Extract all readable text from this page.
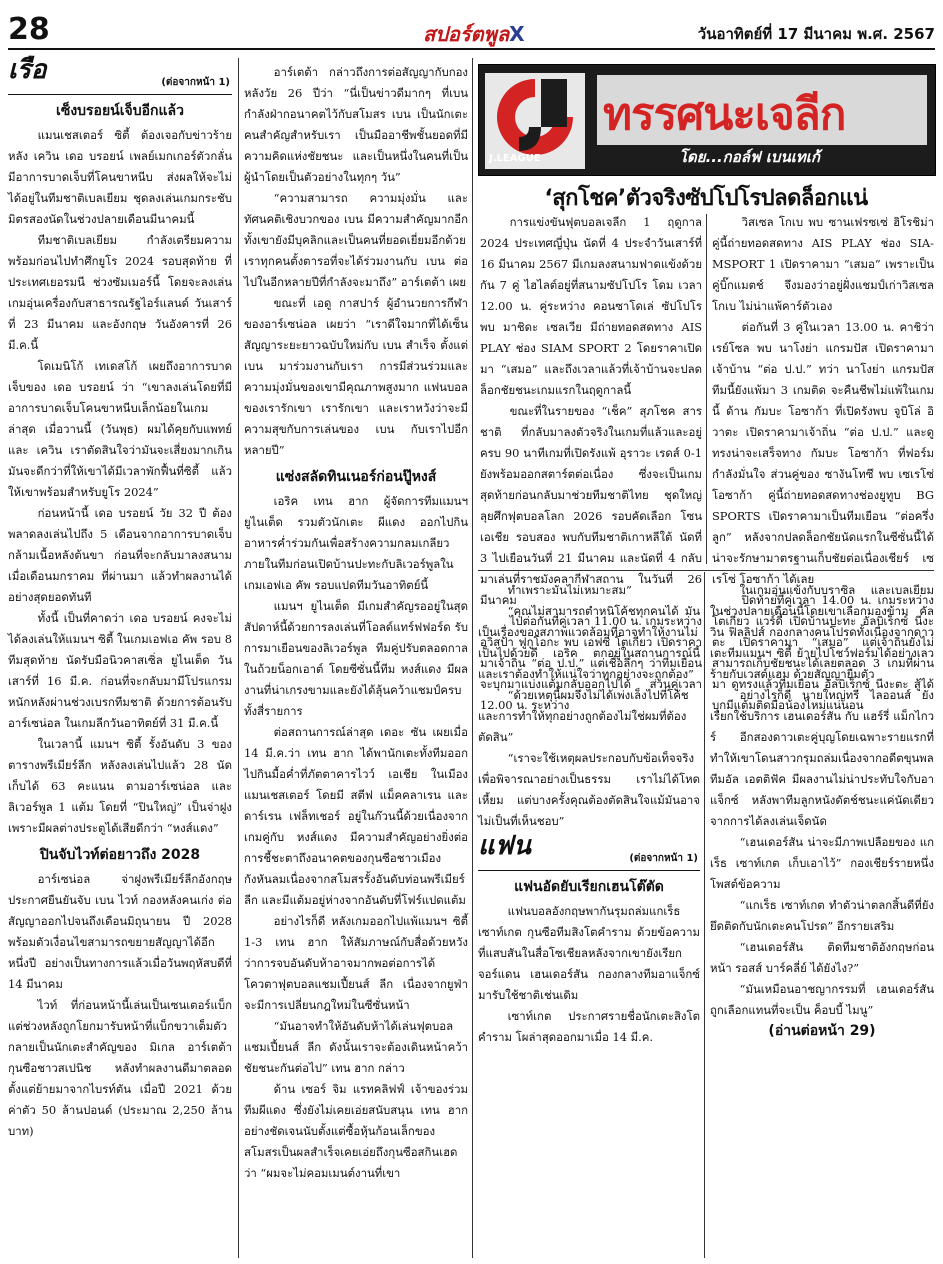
28	สปอร์ตพูลX	วันอาทิตย์ที่ 17 มีนาคม พ.ศ. 2567
เรือ	(ต่อจากหน้า 1)
เซ็งบรอยน์เจ็บอีกแล้ว

แมนเชสเตอร์ ซิตี้ ต้องเจอกับข่าวร้ายหลัง เควิน เดอ บรอยน์ เพลย์เมกเกอร์ตัวกลั่น มีอาการบาดเจ็บที่โคนขาหนีบ ส่งผลให้จะไม่ได้อยู่ในทีมชาติเบลเยียม ชุดลงเล่นเกมกระชับมิตรสองนัดในช่วงปลายเดือนมีนาคมนี้

ทีมชาติเบลเยียม กำลังเตรียมความพร้อมก่อนไปทำศึกยูโร 2024 รอบสุดท้าย ที่ประเทศเยอรมนี ช่วงซัมเมอร์นี้ โดยจะลงเล่นเกมอุ่นเครื่องกับสาธารณรัฐไอร์แลนด์ วันเสาร์ที่ 23 มีนาคม และอังกฤษ วันอังคารที่ 26 มี.ค.นี้

โดเมนิโก้ เทเดสโก้ เผยถึงอาการบาดเจ็บของ เดอ บรอยน์ ว่า “เขาลงเล่นโดยที่มีอาการบาดเจ็บโคนขาหนีบเล็กน้อยในเกมล่าสุด เมื่อวานนี้ (วันพุธ) ผมได้คุยกับแพทย์ และ เควิน เราตัดสินใจว่ามันจะเสี่ยงมากเกิน มันจะดีกว่าที่ให้เขาได้มีเวลาพักฟื้นที่ซิตี้ แล้วให้เขาพร้อมสำหรับยูโร 2024”

ก่อนหน้านี้ เดอ บรอยน์ วัย 32 ปี ต้องพลาดลงเล่นไปถึง 5 เดือนจากอาการบาดเจ็บกล้ามเนื้อหลังต้นขา ก่อนที่จะกลับมาลงสนามเมื่อเดือนมกราคม ที่ผ่านมา แล้วทำผลงานได้อย่างสุดยอดทันที

ทั้งนี้ เป็นที่คาดว่า เดอ บรอยน์ คงจะไม่ได้ลงเล่นให้แมนฯ ซิตี้ ในเกมเอฟเอ คัพ รอบ 8 ทีมสุดท้าย นัดรับมือนิวคาสเซิ่ล ยูไนเต็ด วันเสาร์ที่ 16 มี.ค. ก่อนที่จะกลับมามีโปรแกรมหนักหลังผ่านช่วงเบรกทีมชาติ ด้วยการต้อนรับอาร์เซน่อล ในเกมลีกวันอาทิตย์ที่ 31 มี.ค.นี้

ในเวลานี้ แมนฯ ซิตี้ รั้งอันดับ 3 ของตารางพรีเมียร์ลีก หลังลงเล่นไปแล้ว 28 นัด เก็บได้ 63 คะแนน ตามอาร์เซน่อล และลิเวอร์พูล 1 แต้ม โดยที่ “ปินใหญ่” เป็นจ่าฝูงเพราะมีผลต่างประตูได้เสียดีกว่า “หงส์แดง”

ปินจับไวท์ต่อยาวถึง 2028

อาร์เซน่อล จ่าฝูงพรีเมียร์ลีกอังกฤษ ประกาศยืนยันจับ เบน ไวท์ กองหลังคนเก่ง ต่อสัญญาออกไปจนถึงเดือนมิถุนายน ปี 2028 พร้อมตัวเงื่อนไขสามารถขยายสัญญาได้อีกหนึ่งปี อย่างเป็นทางการแล้วเมื่อวันพฤหัสบดีที่ 14 มีนาคม

ไวท์ ที่ก่อนหน้านี้เล่นเป็นเซนเตอร์แบ็กแต่ช่วงหลังถูกโยกมารับหน้าที่แบ็กขวาเต็มตัว กลายเป็นนักเตะสำคัญของ มิเกล อาร์เตต้า กุนซือชาวสเปนิช หลังทำผลงานดีมาตลอดตั้งแต่ย้ายมาจากไบรท์ตัน เมื่อปี 2021 ด้วยค่าตัว 50 ล้านปอนด์ (ประมาณ 2,250 ล้านบาท)

อาร์เตต้า กล่าวถึงการต่อสัญญากับกองหลังวัย 26 ปีว่า “นี่เป็นข่าวดีมากๆ ที่เบน กำลังฝ่ากอนาคตไว้กับสโมสร เบน เป็นนักเตะคนสำคัญสำหรับเรา เป็นมืออาชีพชั้นยอดที่มีความคิดแห่งชัยชนะ และเป็นหนึ่งในคนที่เป็นผู้นำโดยเป็นตัวอย่างในทุกๆ วัน”

“ความสามารถ ความมุ่งมั่น และทัศนคติเชิงบวกของ เบน มีความสำคัญมากอีกทั้งเขายังมีบุคลิกและเป็นคนที่ยอดเยี่ยมอีกด้วย เราทุกคนตั้งตารอที่จะได้ร่วมงานกับ เบน ต่อไปในอีกหลายปีที่กำลังจะมาถึง” อาร์เตต้า เผย

ขณะที่ เอดู กาสปาร์ ผู้อำนวยการกีฬาของอาร์เซน่อล เผยว่า “เราดีใจมากที่ได้เซ็นสัญญาระยะยาวฉบับใหม่กับ เบน สำเร็จ ตั้งแต่ เบน มาร่วมงานกับเรา การมีส่วนร่วมและความมุ่งมั่นของเขามีคุณภาพสูงมาก แฟนบอลของเรารักเขา เรารักเขา และเราหวังว่าจะมีความสุขกับการเล่นของ เบน กับเราไปอีกหลายปี”

แซ่งสลัดทินเนอร์ก่อนปู๊หงส์

เอริค เทน ฮาก ผู้จัดการทีมแมนฯ ยูไนเต็ด รวมตัวนักเตะ ผีแดง ออกไปกินอาหารค่ำร่วมกันเพื่อสร้างความกลมเกลียวภายในทีมก่อนเปิดบ้านปะทะกับลิเวอร์พูลในเกมเอฟเอ คัพ รอบแปดทีมวันอาทิตย์นี้

แมนฯ ยูไนเต็ด มีเกมสำคัญรออยู่ในสุดสัปดาห์นี้ด้วยการลงเล่นที่โอลด์แทร์ฟฟอร์ด รับการมาเยือนของลิเวอร์พูล ทีมคู่ปรับตลอดกาลในถ้วยน็อกเอาต์ โดยซีซั่นนี้ทีม หงส์แดง มีผลงานที่น่าเกรงขามและยังได้ลุ้นคว้าแชมป์ครบทั้งสี่รายการ

ต่อสถานการณ์ล่าสุด เดอะ ซัน เผยเมื่อ 14 มี.ค.ว่า เทน ฮาก ได้พานักเตะทั้งทีมออกไปกินมื้อค่ำที่ภัตตาคารไวว์ เอเชีย ในเมืองแมนเชสเตอร์ โดยมี สตีฟ แม็คคลาเรน และ ดาร์เรน เฟล็ทเชอร์ อยู่ในก๊วนนี้ด้วยเนื่องจากเกมคู่กับ หงส์แดง มีความสำคัญอย่างยิ่งต่อการชี้ชะตาถึงอนาคตของกุนซือชาวเมืองกังหันลมเนื่องจากสโมสรรั้งอันดับท่อนพรีเมียร์ลีก และมีแต้มอยู่ห่างจากอันดับที่โฟร์แปดแต้ม

อย่างไรก็ดี หลังเกมออกไปแพ้แมนฯ ซิตี้ 1-3 เทน ฮาก ให้สัมภาษณ์กับสื่อด้วยหวังว่าการจบอันดับห้าอาจมากพอต่อการได้โควตาฟุตบอลแชมเปี้ยนส์ ลีก เนื่องจากยูฟ่า จะมีการเปลี่ยนกฎใหม่ในซีซั่นหน้า

“มันอาจทำให้อันดับห้าได้เล่นฟุตบอลแชมเปี้ยนส์ ลีก ดังนั้นเราจะต้องเดินหน้าคว้าชัยชนะกันต่อไป” เทน ฮาก กล่าว

ด้าน เซอร์ จิม แรทคลิฟฟ์ เจ้าของร่วมทีมผีแดง ซึ่งยังไม่เคยเอ่ยสนับสนุน เทน ฮาก อย่างชัดเจนนับตั้งแต่ซื้อหุ้นก้อนเล็กของสโมสรเป็นผลสำเร็จเคยเอ่ยถึงกุนซือสกินเฮดว่า “ผมจะไม่คอมเมนต์งานที่เขา

ทรรศนะเจลีก
J.LEAGUE	โดย...กอล์ฟ เบนเทเก้
‘สุกโชค’ตัวจริงซัปโปโรปลดล็อกแน่

การแข่งขันฟุตบอลเจลีก 1 ฤดูกาล 2024 ประเทศญี่ปุ่น นัดที่ 4 ประจำวันเสาร์ที่ 16 มีนาคม 2567 มีเกมลงสนามฟาดแข้งด้วยกัน 7 คู่ ไฮไลต์อยู่ที่สนามซัปโปโร โดม เวลา 12.00 น. คู่ระหว่าง คอนซาโดเล่ ซัปโปโร พบ มาชิดะ เซลเวีย มีถ่ายทอดสดทาง AIS PLAY ช่อง SIAM SPORT 2 โดยราคาเปิดมา “เสมอ” และถึงเวลาแล้วที่เจ้าบ้านจะปลดล็อกชัยชนะเกมแรกในฤดูกาลนี้

ขณะที่ในรายของ “เช็ค” สุภโชค สารชาติ ที่กลับมาลงตัวจริงในเกมที่แล้วและอยู่ครบ 90 นาทีเกมที่เปิดรังแพ้ อุราวะ เรดส์ 0-1 ยังพร้อมออกสตาร์ตต่อเนื่อง ซึ่งจะเป็นเกมสุดท้ายก่อนกลับมาช่วยทีมชาติไทย ชุดใหญ่ ลุยศึกฟุตบอลโลก 2026 รอบคัดเลือก โซนเอเชีย รอบสอง พบกับทีมชาติเกาหลีใต้ นัดที่ 3 ไปเยือนวันที่ 21 มีนาคม และนัดที่ 4 กลับมาเล่นที่ราชมังคลากีฬาสถาน ในวันที่ 26 มีนาคม

ไปต่อกันที่คู่เวลา 11.00 น. เกมระหว่าง อวิสป้า ฟูกูโอกะ พบ เอฟซี โตเกียว เปิดราคามาเจ้าถิ่น “ต่อ ป.ป.” แต่เชื่อลึกๆ ว่าทีมเยือนจะบุกมาแบ่งแต้มกลับออกไปได้ ส่วนคู่เวลา 12.00 น. ระหว่าง

วิสเซล โกเบ พบ ซานเฟรซเซ่ ฮิโรชิม่า คู่นี้ถ่ายทอดสดทาง AIS PLAY ช่อง SIA-MSPORT 1 เปิดราคามา “เสมอ” เพราะเป็นคู่บิ๊กแมตช์ จึงมองว่าอยู่ฝั่งแชมป์เก่าวิสเซล โกเบ ไม่น่าแพ้คาร์ตัวเอง

ต่อกันที่ 3 คู่ในเวลา 13.00 น. คาชิว่า เรย์โซล พบ นาโงย่า แกรมปัส เปิดราคามาเจ้าบ้าน “ต่อ ป.ป.” ทว่า นาโงย่า แกรมปัส ทีมนี้ยังแพ้มา 3 เกมติด จะคืนชีพไม่แพ้ในเกมนี้ ด้าน กัมบะ โอซาก้า ที่เปิดรังพบ จูบิโล่ อิวาตะ เปิดราคามาเจ้าถิ่น “ต่อ ป.ป.” และดูทรงน่าจะเสร็จทาง กัมบะ โอซาก้า ที่ฟอร์มกำลังมั่นใจ ส่วนคู่ของ ซางันโทซึ พบ เซเรโซ่ โอซาก้า คู่นี้ถ่ายทอดสดทางช่องยูทูบ BG SPORTS เปิดราคามาเป็นทีมเยือน “ต่อครึ่งลูก” หลังจากปลดล็อกชัยนัดแรกในซีซั่นนี้ได้ น่าจะรักษามาตรฐานเก็บชัยต่อเนื่องเชียร์ เซเรโซ่ โอซาก้า ได้เลย

ปิดท้ายที่คู่เวลา 14.00 น. เกมระหว่าง โตเกียว แวร์ดี้ เปิดบ้านปะทะ อัลบิเร็กซ์ นีงะตะ เปิดราคามา “เสมอ” แต่เจ้าถิ่นยังไม่สามารถเก็บชัยชนะได้เลยตลอด 3 เกมที่ผ่านมา ดูทรงแล้วทีมเยือน อัลบิเร็กซ์ นีงะตะ สู้ได้ บุกมีแต้มติดมือน้องไหม่แน่นอน

ทำเพราะมันไม่เหมาะสม”

“คุณไม่สามารถตำหนิโค้ชทุกคนได้ มันเป็นเรื่องของสภาพแวดล้อมที่อาจทำให้งานไม่เป็นไปด้วยดี เอริค ตกอยู่ในสถานการณ์นี้ และเราต้องทำให้แน่ใจว่าทุกอย่างจะถูกต้อง”

“ด้วยเหตุนี้ผมจึงไม่ได้เพ่งเล็งไปที่โค้ช และการทำให้ทุกอย่างถูกต้องไม่ใช่ผมที่ต้องตัดสิน”

“เราจะใช้เหตุผลประกอบกับข้อเท็จจริงเพื่อพิจารณาอย่างเป็นธรรม เราไม่ได้โหดเหี้ยม แต่บางครั้งคุณต้องตัดสินใจแม้มันอาจไม่เป็นที่เห็นชอบ”

แฟน	(ต่อจากหน้า 1)
แฟนอัดยับเรียกเฮนโต๊ตัด

แฟนบอลอังกฤษพากันรุมถล่มแกเร็ธ เซาท์เกต กุนซือทีมสิงโตคำราม ด้วยข้อความที่แสบสันในสื่อโซเชียลหลังจากเขายังเรียก จอร์แดน เฮนเดอร์สัน กองกลางทีมอาแจ็กซ์ มารับใช้ชาติเช่นเดิม

เซาท์เกต ประกาศรายชื่อนักเตะสิงโตคำราม โผล่าสุดออกมาเมื่อ 14 มี.ค.

ในเกมอุ่นแข้งกับบราซิล และเบลเยียม ในช่วงปลายเดือนนี้โดยเขาเลือกมองข้าม คัลวิน ฟิลลิปส์ กองกลางคนโปรดทั้งเนื่องจากดาวเตะทีมแมนฯ ซิตี้ ย้ายไปโชว์ฟอร์มได้อย่างเลวร้ายกับเวสต์แฮม ด้วยสัญญายืมตัว

อย่างไรก็ดี นายใหญ่ทรี ไลออนส์ ยังเรียกใช้บริการ เฮนเดอร์สัน กับ แฮร์รี่ แม็กไกวร์ อีกสองดาวเตะคู่บุญโดยเฉพาะรายแรกที่ทำให้เขาโดนสาวกรุมถล่มเนื่องจากอดีตขุนพลทีมอัล เอตติฟัค มีผลงานไม่น่าประทับใจกับอาแจ็กซ์ หลังพาทีมลูกหนังดัตช์ชนะแค่นัดเดียวจากการได้ลงเล่นเจ็ดนัด

“เฮนเดอร์สัน น่าจะมีภาพเปลือยของ แกเร็ธ เซาท์เกต เก็บเอาไว้” กองเชียร์รายหนึ่งโพสต์ข้อความ

“แกเร็ธ เซาท์เกต ทำตัวน่าตลกสิ้นดีที่ยังยึดติดกับนักเตะคนโปรด” อีกรายเสริม

“เฮนเดอร์สัน ติดทีมชาติอังกฤษก่อนหน้า รอสส์ บาร์คลี่ย์ ได้ยังไง?”

“มันเหมือนอาชญากรรมที่ เฮนเดอร์สัน ถูกเลือกแทนที่จะเป็น ค็อบบี้ ไมนู”

(อ่านต่อหน้า 29)
